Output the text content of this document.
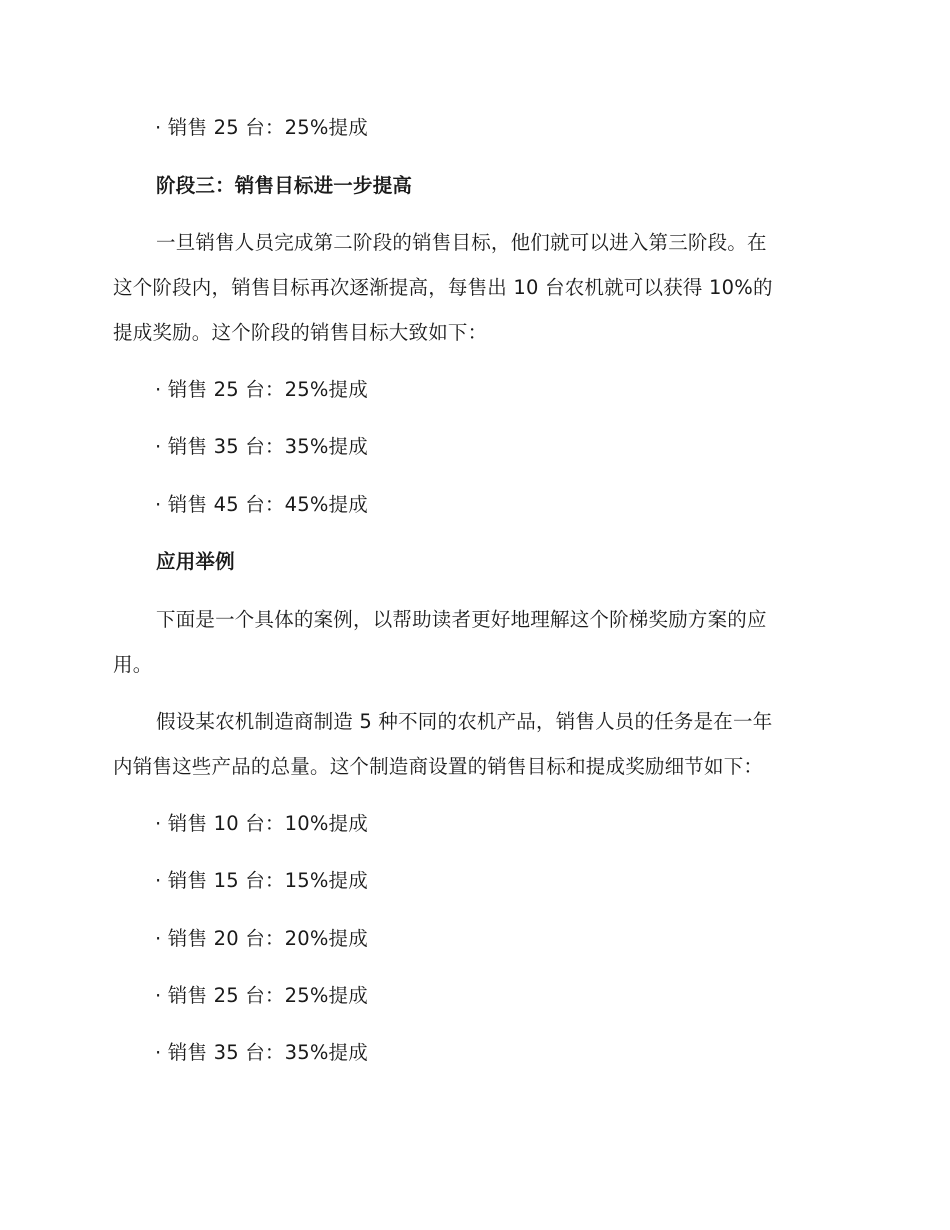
· 销售 25 台：25%提成
阶段三：销售目标进一步提高
一旦销售人员完成第二阶段的销售目标，他们就可以进入第三阶段。在
这个阶段内，销售目标再次逐渐提高，每售出 10 台农机就可以获得 10%的
提成奖励。这个阶段的销售目标大致如下：
· 销售 25 台：25%提成
· 销售 35 台：35%提成
· 销售 45 台：45%提成
应用举例
下面是一个具体的案例，以帮助读者更好地理解这个阶梯奖励方案的应
用。
假设某农机制造商制造 5 种不同的农机产品，销售人员的任务是在一年
内销售这些产品的总量。这个制造商设置的销售目标和提成奖励细节如下：
· 销售 10 台：10%提成
· 销售 15 台：15%提成
· 销售 20 台：20%提成
· 销售 25 台：25%提成
· 销售 35 台：35%提成
